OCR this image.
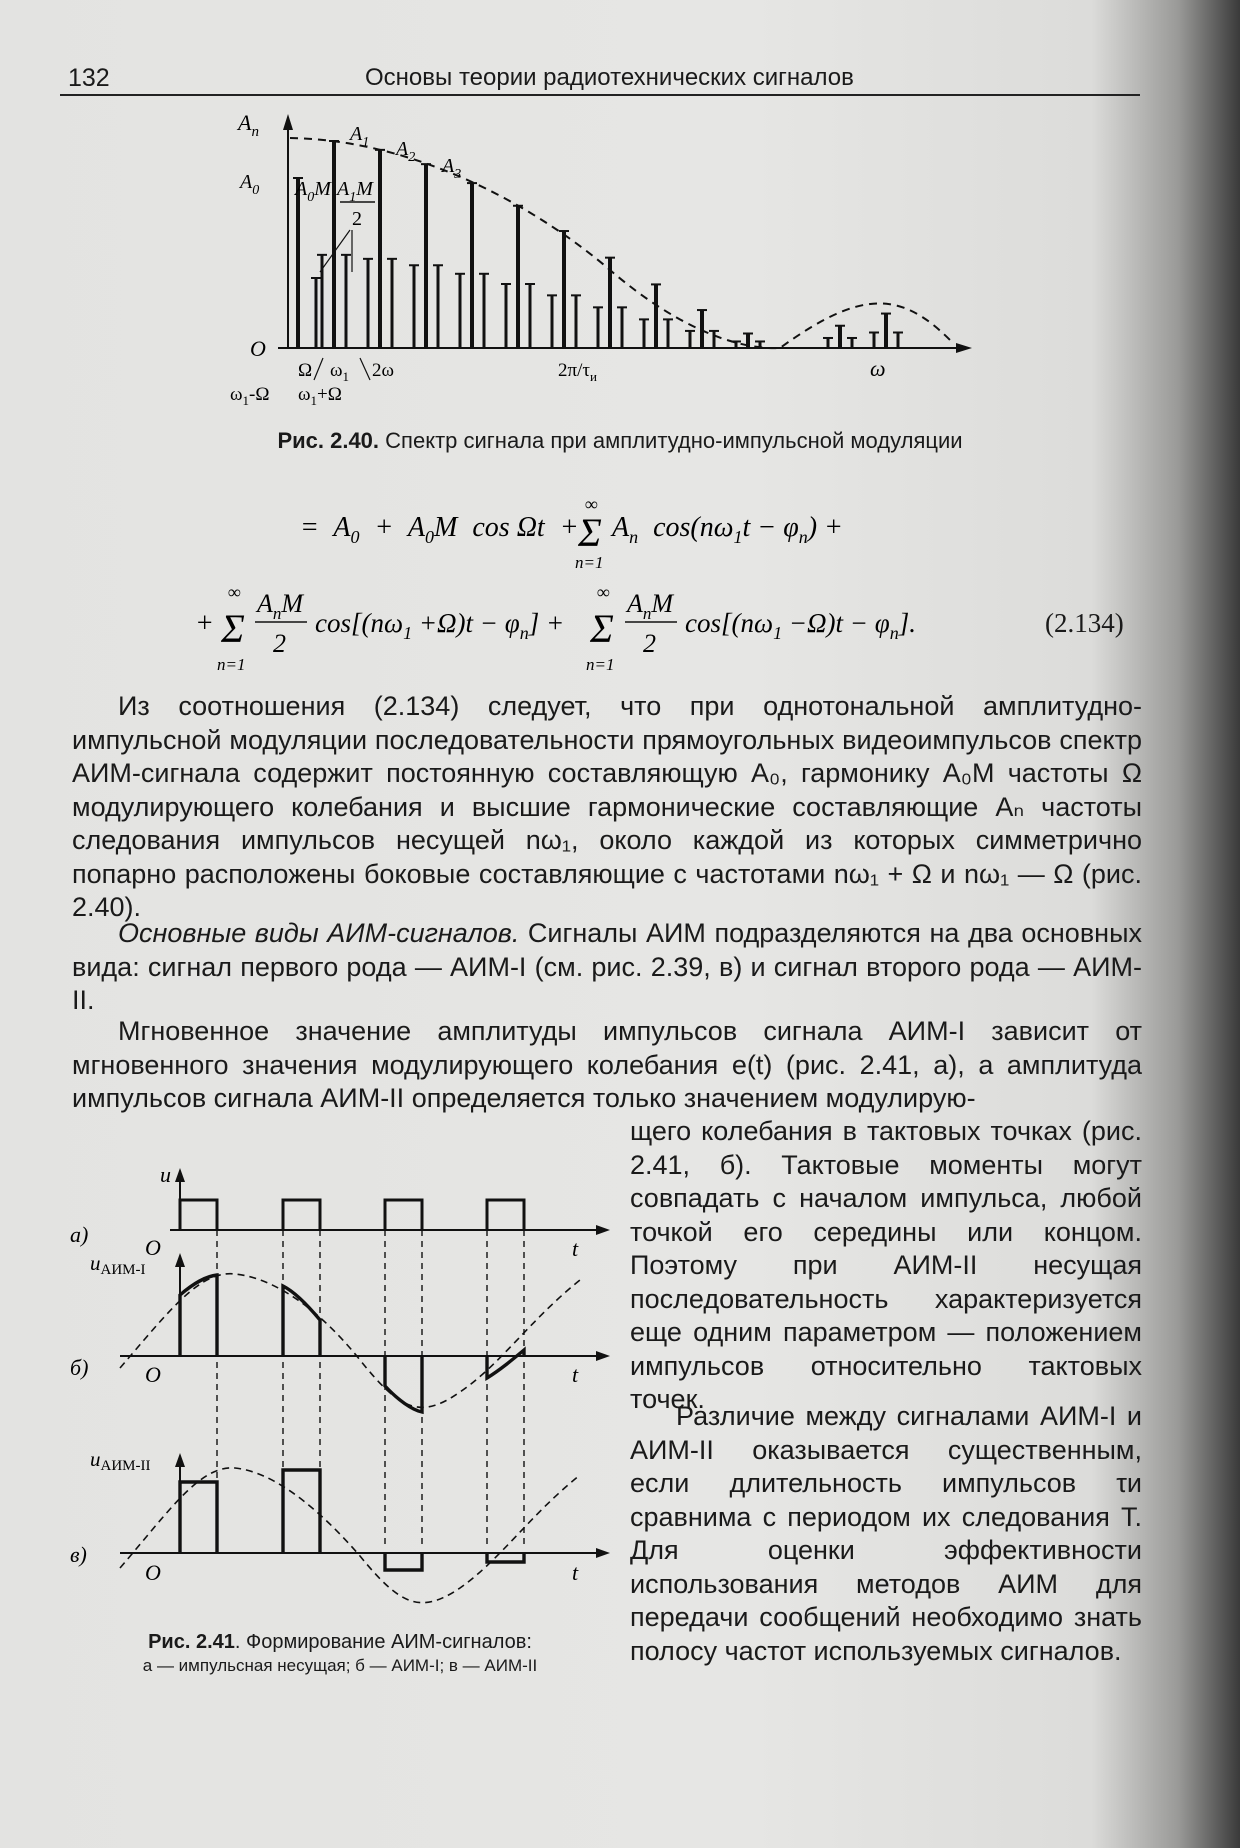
132	Основы теории радиотехнических сигналов
$A_n$
$A_0$ $A_0M$ $A_1M$
2
$A_1$ $A_2$ $A_3$
O
Ω $\omega_1$ 2ω
$\omega_1-\Omega$ $\omega_1+\Omega$
$2\pi/\tau_и$	ω
Рис. 2.40. Спектр сигнала при амплитудно-импульсной модуляции
= $A_0 + A_0M$ cos Ωt +
∞
Σ
n=1
$A_n$ $\cos(n\omega_1t - \varphi_n)$ +
+
∞
Σ
n=1
$A_nM$
2
$\cos[(n\omega_1 +\Omega)t - \varphi_n]$ +
∞
Σ
n=1
$A_nM$
2
$\cos[(n\omega_1 -\Omega)t - \varphi_n]$.	(2.134)

Из соотношения (2.134) следует, что при однотональной амплитудно-импульсной модуляции последовательности прямоугольных видеоимпульсов спектр АИМ-сигнала содержит постоянную составляющую A₀, гармонику A₀M частоты Ω модулирующего колебания и высшие гармонические составляющие Aₙ частоты следования импульсов несущей nω₁, около каждой из которых симметрично попарно расположены боковые составляющие с частотами nω₁ + Ω и nω₁ — Ω (рис. 2.40).

Основные виды АИМ-сигналов. Сигналы АИМ подразделяются на два основных вида: сигнал первого рода — АИМ-I (см. рис. 2.39, в) и сигнал второго рода — АИМ-II.

Мгновенное значение амплитуды импульсов сигнала АИМ-I зависит от мгновенного значения модулирующего колебания e(t) (рис. 2.41, а), а амплитуда импульсов сигнала АИМ-II определяется только значением модулирую-

щего колебания в тактовых точках (рис. 2.41, б). Тактовые моменты могут совпадать с началом импульса, любой точкой его середины или концом. Поэтому при АИМ-II несущая последовательность характеризуется еще одним параметром — положением импульсов относительно тактовых точек.

Различие между сигналами АИМ-I и АИМ-II оказывается существенным, если длительность импульсов τи сравнима с периодом их следования T. Для оценки эффективности использования методов АИМ для передачи сообщений необходимо знать полосу частот используемых сигналов.

u
O	t
а)
uАИМ-I
O	t
б)
uАИМ-II
O	t
в)
Рис. 2.41. Формирование АИМ-сигналов:
а — импульсная несущая; б — АИМ-I; в — АИМ-II
